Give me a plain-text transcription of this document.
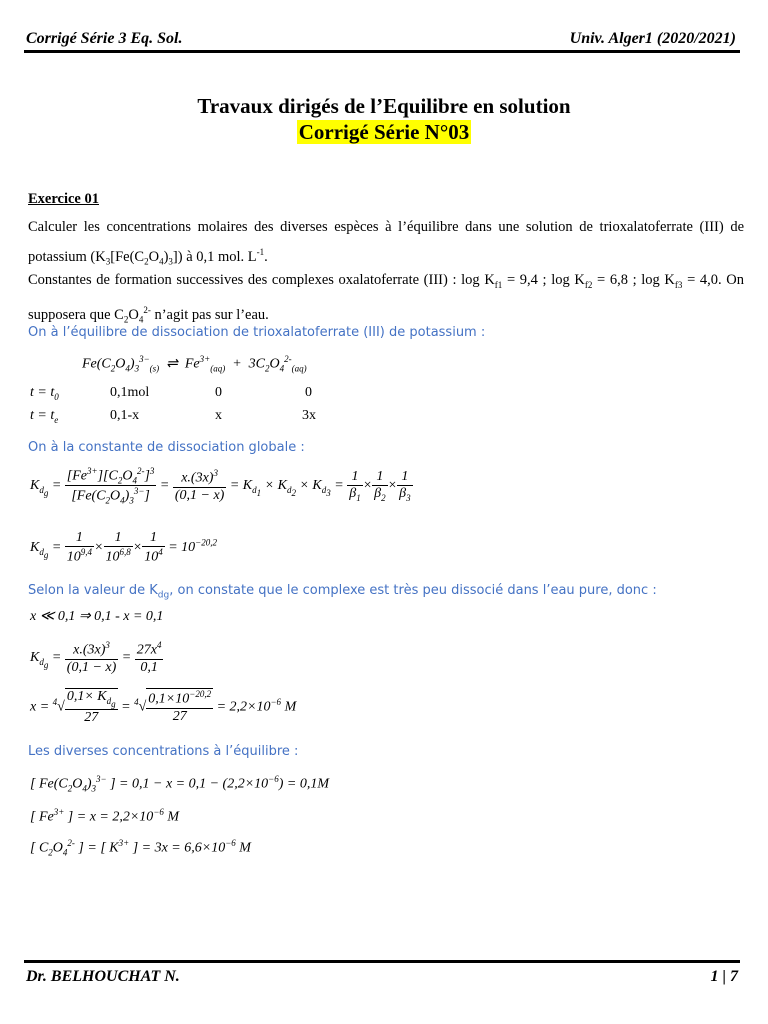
Corrigé Série 3 Eq. Sol.	Univ. Alger1 (2020/2021)
Travaux dirigés de l’Equilibre en solution
Corrigé Série N°03
Exercice 01
Calculer les concentrations molaires des diverses espèces à l’équilibre dans une solution de trioxalatoferrate (III) de potassium $(K_3[Fe(C_2O_4)_3])$ à 0,1 mol. $L^{-1}$.
Constantes de formation successives des complexes oxalatoferrate (III) : $\log K_{f1} = 9,4$ ; $\log K_{f2} = 6,8$ ; $\log K_{f3} = 4,0$. On supposera que $C_2O_4^{2-}$ n’agit pas sur l’eau.
On à l’équilibre de dissociation de trioxalatoferrate (III) de potassium :
$Fe(C_2O_4)_3^{3-}_{(s)}$  ⇌  $Fe^{3+}_{(aq)} + 3C_2O_4^{2-}_{(aq)}$
$t = t_0$	0,1mol	0	0
$t = t_e$	0,1-x	x	3x
On à la constante de dissociation globale :
$K_{d_g} = \frac{[Fe^{3+}][C_2O_4^{2-}]^3}{[Fe(C_2O_4)_3^{3-}]} = \frac{x.(3x)^3}{(0,1 - x)} = K_{d_1} \times K_{d_2} \times K_{d_3} = \frac{1}{\beta_1} \times \frac{1}{\beta_2} \times \frac{1}{\beta_3}$
$K_{d_g} = \frac{1}{10^{9,4}} \times \frac{1}{10^{6,8}} \times \frac{1}{10^4} = 10^{-20,2}$
Selon la valeur de $K_{dg}$, on constate que le complexe est très peu dissocié dans l’eau pure, donc :
x ≪ 0,1 ⇒ 0,1 - x = 0,1
$K_{d_g} = \frac{x.(3x)^3}{(0,1 - x)} = \frac{27x^4}{0,1}$
$x = ^4√ \frac{0,1\times K_{d_g}}{27} = ^4√ \frac{0,1\times 10^{-20,2}}{27} = 2,2\times 10^{-6}$ M
Les diverses concentrations à l’équilibre :
[ $Fe(C_2O_4)_3^{3-}$ ] = $0,1 - x = 0,1 - (2,2\times 10^{-6}) = 0,1M$
[ $Fe^{3+}$ ] = $x = 2,2\times 10^{-6}$ M
[ $C_2O_4^{2-}$ ] = [ $K^{3+}$ ] = $3x = 6,6\times 10^{-6}$ M
Dr. BELHOUCHAT N.	1 | 7
